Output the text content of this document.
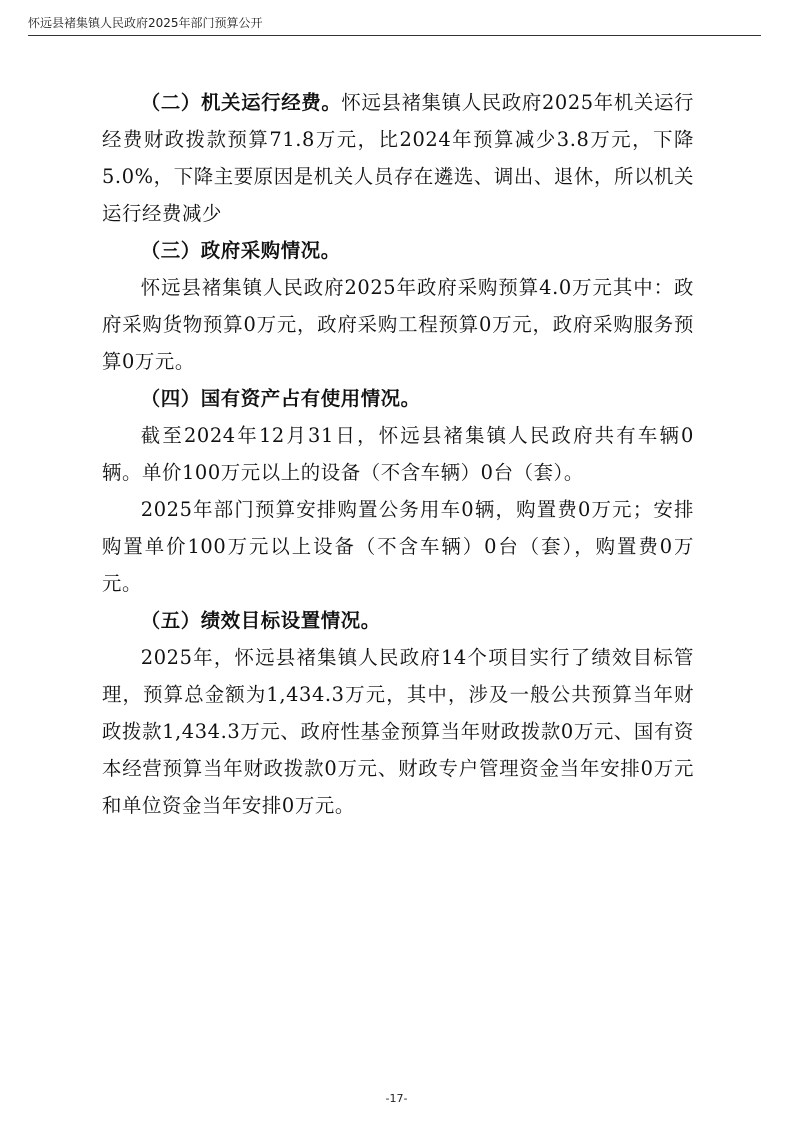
怀远县褚集镇人民政府2025年部门预算公开

（二）机关运行经费。怀远县褚集镇人民政府2025年机关运行经费财政拨款预算71.8万元，比2024年预算减少3.8万元，下降5.0%，下降主要原因是机关人员存在遴选、调出、退休，所以机关运行经费减少

（三）政府采购情况。

怀远县褚集镇人民政府2025年政府采购预算4.0万元其中：政府采购货物预算0万元，政府采购工程预算0万元，政府采购服务预算0万元。

（四）国有资产占有使用情况。

截至2024年12月31日，怀远县褚集镇人民政府共有车辆0辆。单价100万元以上的设备（不含车辆）0台（套）。

2025年部门预算安排购置公务用车0辆，购置费0万元；安排购置单价100万元以上设备（不含车辆）0台（套），购置费0万元。

（五）绩效目标设置情况。

2025年，怀远县褚集镇人民政府14个项目实行了绩效目标管理，预算总金额为1,434.3万元，其中，涉及一般公共预算当年财政拨款1,434.3万元、政府性基金预算当年财政拨款0万元、国有资本经营预算当年财政拨款0万元、财政专户管理资金当年安排0万元和单位资金当年安排0万元。

-17-
